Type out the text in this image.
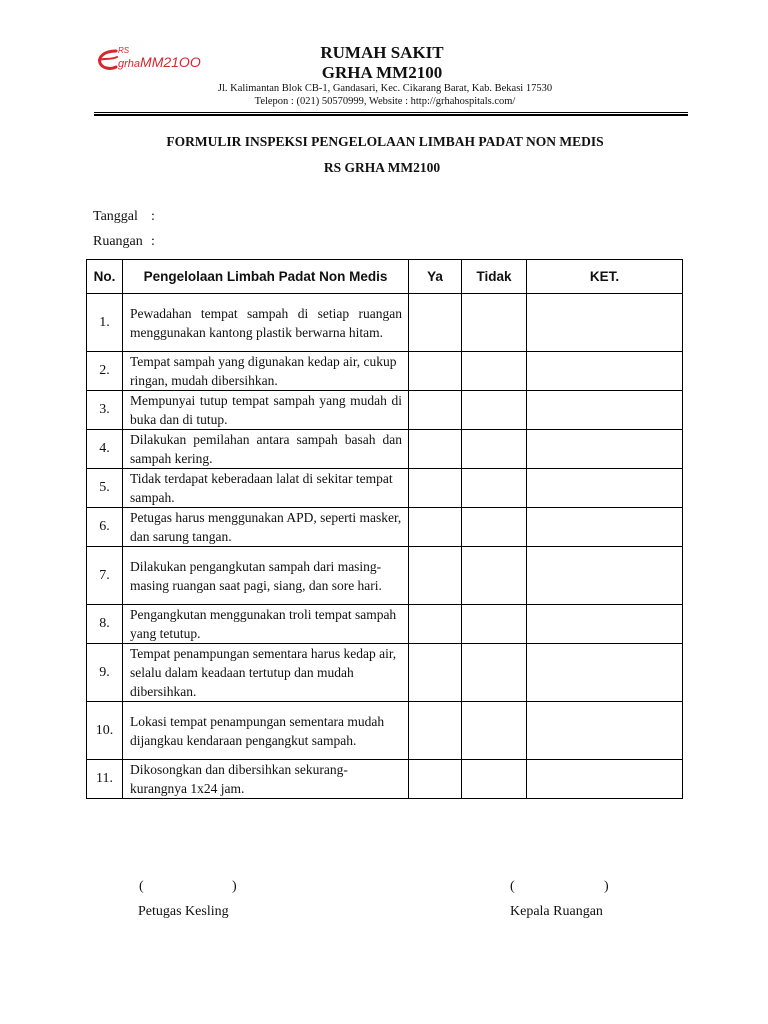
RS
grhaMM21OO	RUMAH SAKIT
GRHA MM2100
Jl. Kalimantan Blok CB-1, Gandasari, Kec. Cikarang Barat, Kab. Bekasi 17530
Telepon : (021) 50570999, Website : http://grhahospitals.com/
FORMULIR INSPEKSI PENGELOLAAN LIMBAH PADAT NON MEDIS
RS GRHA MM2100
Tanggal :
Ruangan :
No.	Pengelolaan Limbah Padat Non Medis	Ya	Tidak	KET.
1.	Pewadahan tempat sampah di setiap ruangan menggunakan kantong plastik berwarna hitam.			
2.	Tempat sampah yang digunakan kedap air, cukup ringan, mudah dibersihkan.			
3.	Mempunyai tutup tempat sampah yang mudah di buka dan di tutup.			
4.	Dilakukan pemilahan antara sampah basah dan sampah kering.			
5.	Tidak terdapat keberadaan lalat di sekitar tempat sampah.			
6.	Petugas harus menggunakan APD, seperti masker, dan sarung tangan.			
7.	Dilakukan pengangkutan sampah dari masing-masing ruangan saat pagi, siang, dan sore hari.			
8.	Pengangkutan menggunakan troli tempat sampah yang tetutup.			
9.	Tempat penampungan sementara harus kedap air, selalu dalam keadaan tertutup dan mudah dibersihkan.			
10.	Lokasi tempat penampungan sementara mudah dijangkau kendaraan pengangkut sampah.			
11.	Dikosongkan dan dibersihkan sekurang-kurangnya 1x24 jam.			
(	)
Petugas Kesling
(	)
Kepala Ruangan
